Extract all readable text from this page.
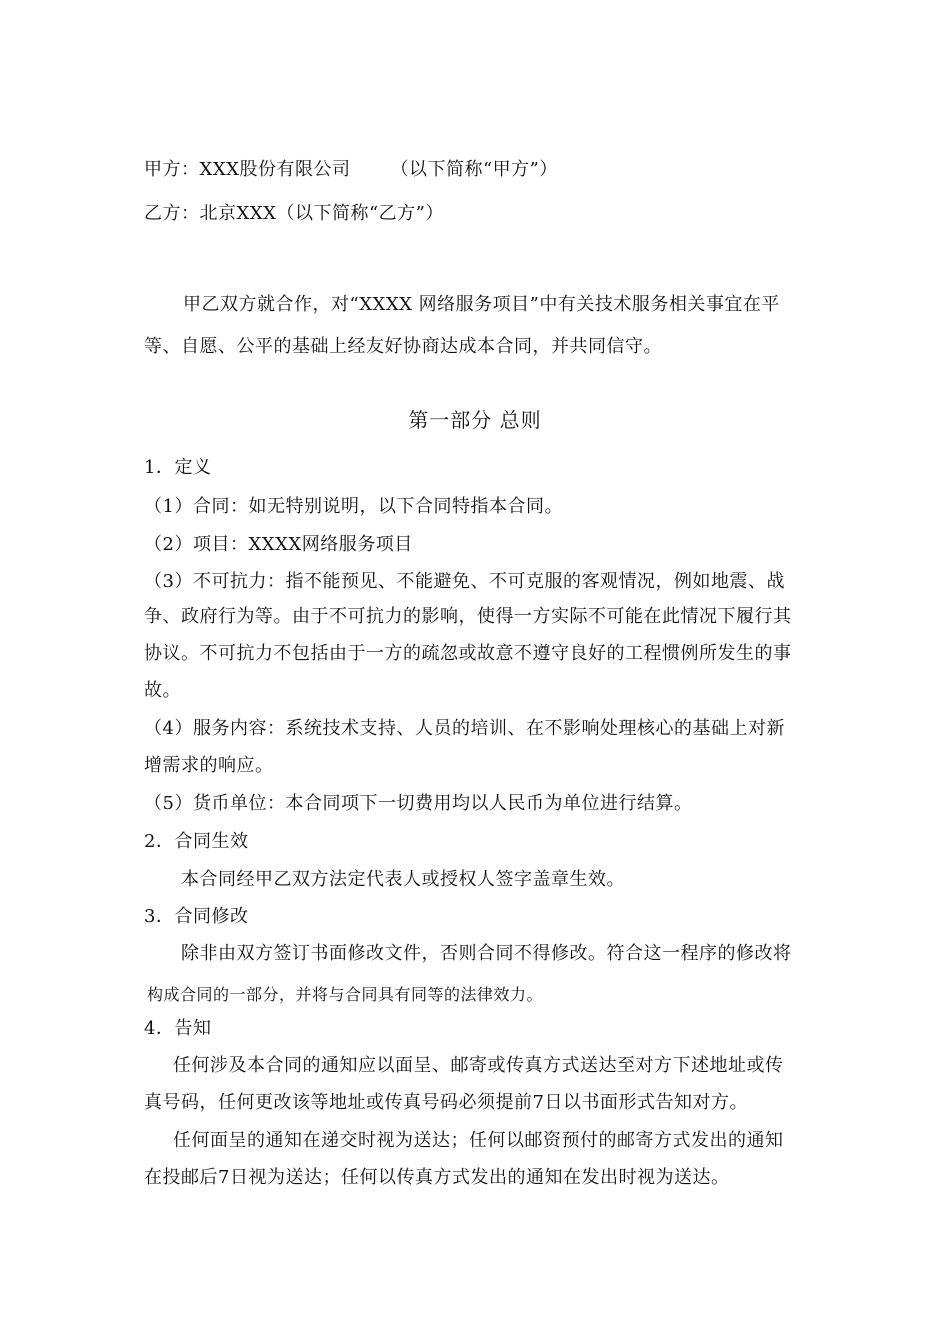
甲方：XXX股份有限公司 （以下简称“甲方”）
乙方：北京XXX（以下简称“乙方”）
甲乙双方就合作，对“XXXX 网络服务项目”中有关技术服务相关事宜在平
等、自愿、公平的基础上经友好协商达成本合同，并共同信守。
第一部分 总则
1．定义
（1）合同：如无特别说明，以下合同特指本合同。
（2）项目：XXXX网络服务项目
（3）不可抗力：指不能预见、不能避免、不可克服的客观情况，例如地震、战
争、政府行为等。由于不可抗力的影响，使得一方实际不可能在此情况下履行其
协议。不可抗力不包括由于一方的疏忽或故意不遵守良好的工程惯例所发生的事
故。
（4）服务内容：系统技术支持、人员的培训、在不影响处理核心的基础上对新
增需求的响应。
（5）货币单位：本合同项下一切费用均以人民币为单位进行结算。
2．合同生效
本合同经甲乙双方法定代表人或授权人签字盖章生效。
3．合同修改
除非由双方签订书面修改文件，否则合同不得修改。符合这一程序的修改将
构成合同的一部分，并将与合同具有同等的法律效力。
4．告知
任何涉及本合同的通知应以面呈、邮寄或传真方式送达至对方下述地址或传
真号码，任何更改该等地址或传真号码必须提前7日以书面形式告知对方。
任何面呈的通知在递交时视为送达；任何以邮资预付的邮寄方式发出的通知
在投邮后7日视为送达；任何以传真方式发出的通知在发出时视为送达。
